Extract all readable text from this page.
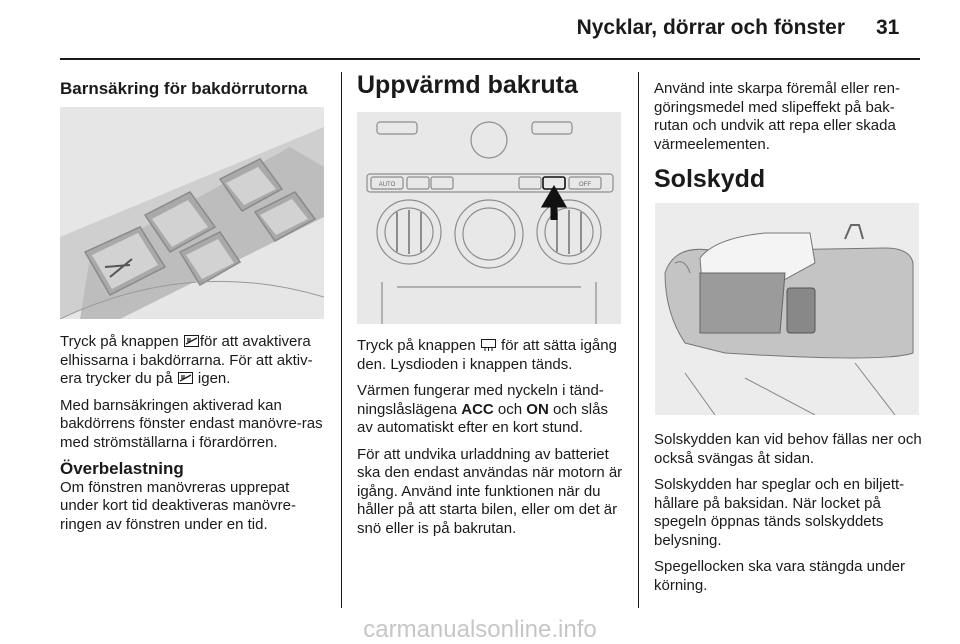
Nycklar, dörrar och fönster 31
Barnsäkring för bakdörrutorna

Tryck på knappen för att avaktivera elhissarna i bakdörrarna. För att aktiv-era trycker du på igen.

Med barnsäkringen aktiverad kan bakdörrens fönster endast manövre-ras med strömställarna i förardörren.

Överbelastning

Om fönstren manövreras upprepat under kort tid deaktiveras manövre-ringen av fönstren under en tid.

Uppvärmd bakruta
AUTO	OFF

Tryck på knappen för att sätta igång den. Lysdioden i knappen tänds.

Värmen fungerar med nyckeln i tänd-ningslåslägena ACC och ON och slås av automatiskt efter en kort stund.

För att undvika urladdning av batteriet ska den endast användas när motorn är igång. Använd inte funktionen när du håller på att starta bilen, eller om det är snö eller is på bakrutan.

Använd inte skarpa föremål eller ren-göringsmedel med slipeffekt på bak-rutan och undvik att repa eller skada värmeelementen.

Solskydd

Solskydden kan vid behov fällas ner och också svängas åt sidan.

Solskydden har speglar och en biljett-hållare på baksidan. När locket på spegeln öppnas tänds solskyddets belysning.

Spegellocken ska vara stängda under körning.

carmanualsonline.info
